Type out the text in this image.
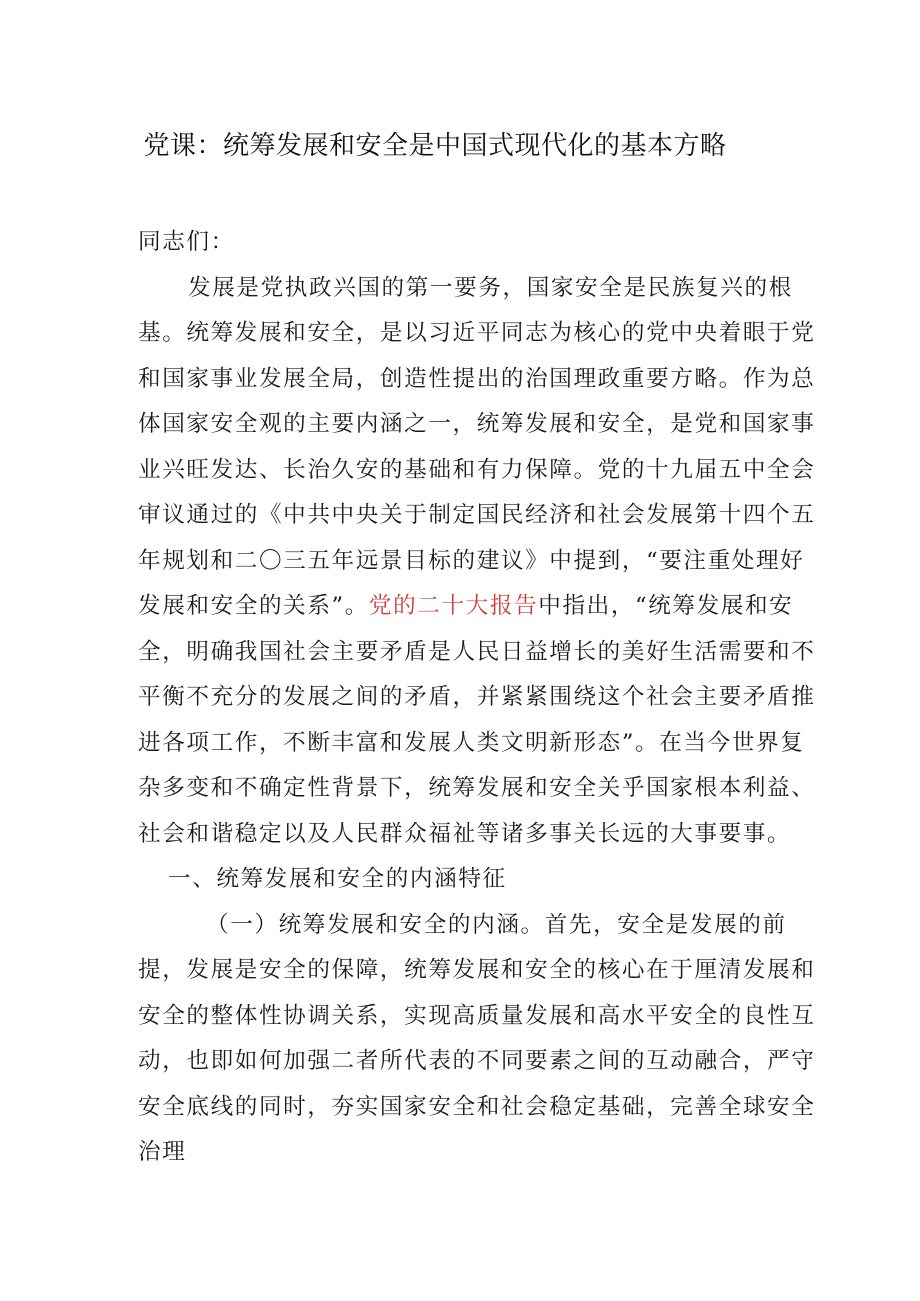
党课：统筹发展和安全是中国式现代化的基本方略

同志们：

发展是党执政兴国的第一要务，国家安全是民族复兴的根基。统筹发展和安全，是以习近平同志为核心的党中央着眼于党和国家事业发展全局，创造性提出的治国理政重要方略。作为总体国家安全观的主要内涵之一，统筹发展和安全，是党和国家事业兴旺发达、长治久安的基础和有力保障。党的十九届五中全会审议通过的《中共中央关于制定国民经济和社会发展第十四个五年规划和二〇三五年远景目标的建议》中提到，“要注重处理好发展和安全的关系”。党的二十大报告中指出，“统筹发展和安全，明确我国社会主要矛盾是人民日益增长的美好生活需要和不平衡不充分的发展之间的矛盾，并紧紧围绕这个社会主要矛盾推进各项工作，不断丰富和发展人类文明新形态”。在当今世界复杂多变和不确定性背景下，统筹发展和安全关乎国家根本利益、社会和谐稳定以及人民群众福祉等诸多事关长远的大事要事。

一、统筹发展和安全的内涵特征

（一）统筹发展和安全的内涵。首先，安全是发展的前提，发展是安全的保障，统筹发展和安全的核心在于厘清发展和安全的整体性协调关系，实现高质量发展和高水平安全的良性互动，也即如何加强二者所代表的不同要素之间的互动融合，严守安全底线的同时，夯实国家安全和社会稳定基础，完善全球安全治理
